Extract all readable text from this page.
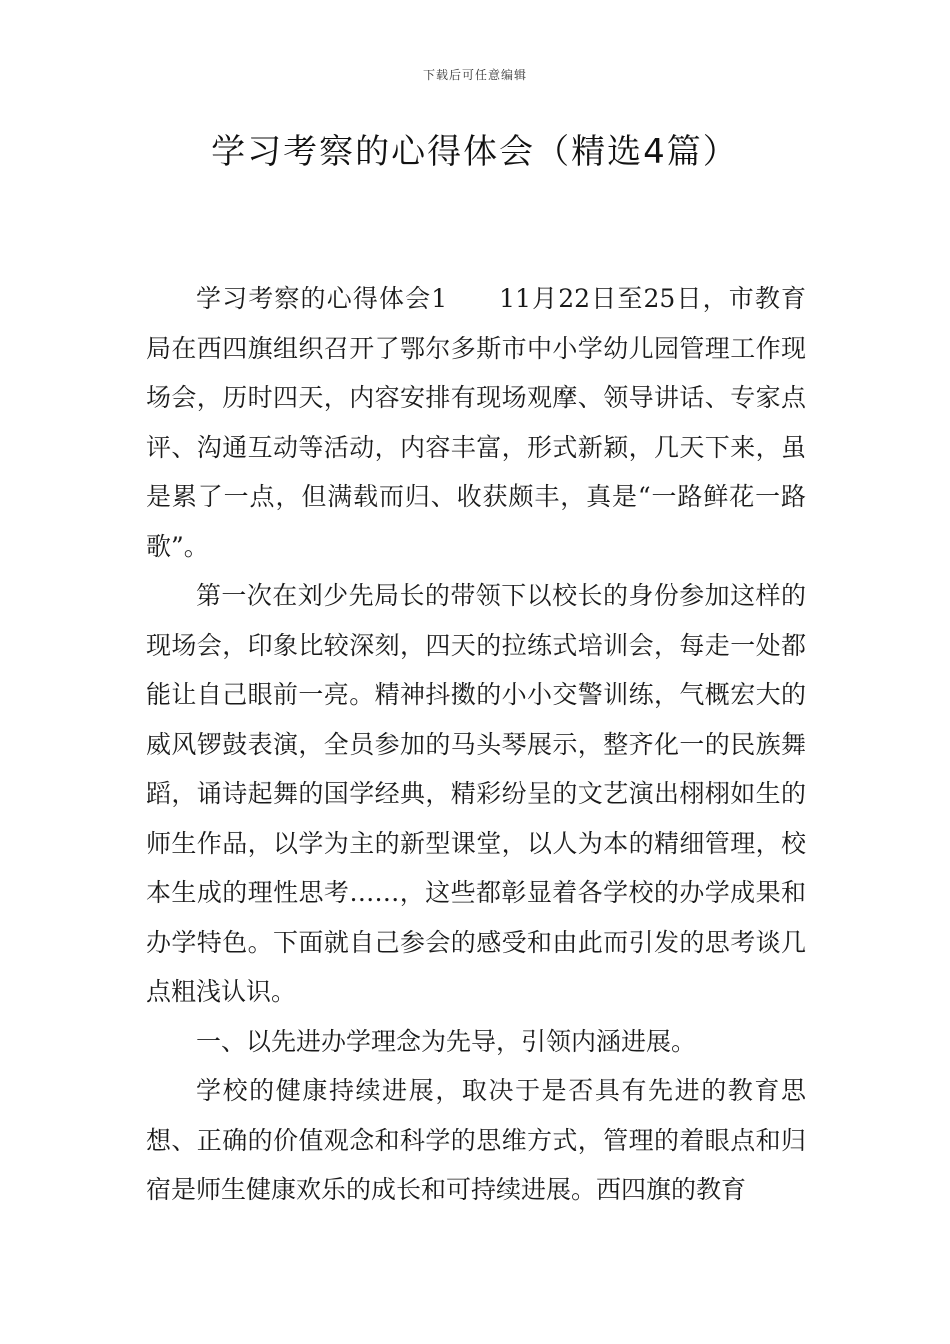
下载后可任意编辑
学习考察的心得体会（精选4篇）

学习考察的心得体会1 11月22日至25日，市教育局在西四旗组织召开了鄂尔多斯市中小学幼儿园管理工作现场会，历时四天，内容安排有现场观摩、领导讲话、专家点评、沟通互动等活动，内容丰富，形式新颖，几天下来，虽是累了一点，但满载而归、收获颇丰，真是“一路鲜花一路歌”。

第一次在刘少先局长的带领下以校长的身份参加这样的现场会，印象比较深刻，四天的拉练式培训会，每走一处都能让自己眼前一亮。精神抖擞的小小交警训练，气概宏大的威风锣鼓表演，全员参加的马头琴展示，整齐化一的民族舞蹈，诵诗起舞的国学经典，精彩纷呈的文艺演出栩栩如生的师生作品，以学为主的新型课堂，以人为本的精细管理，校本生成的理性思考……，这些都彰显着各学校的办学成果和办学特色。下面就自己参会的感受和由此而引发的思考谈几点粗浅认识。

一、以先进办学理念为先导，引领内涵进展。

学校的健康持续进展，取决于是否具有先进的教育思想、正确的价值观念和科学的思维方式，管理的着眼点和归宿是师生健康欢乐的成长和可持续进展。西四旗的教育
